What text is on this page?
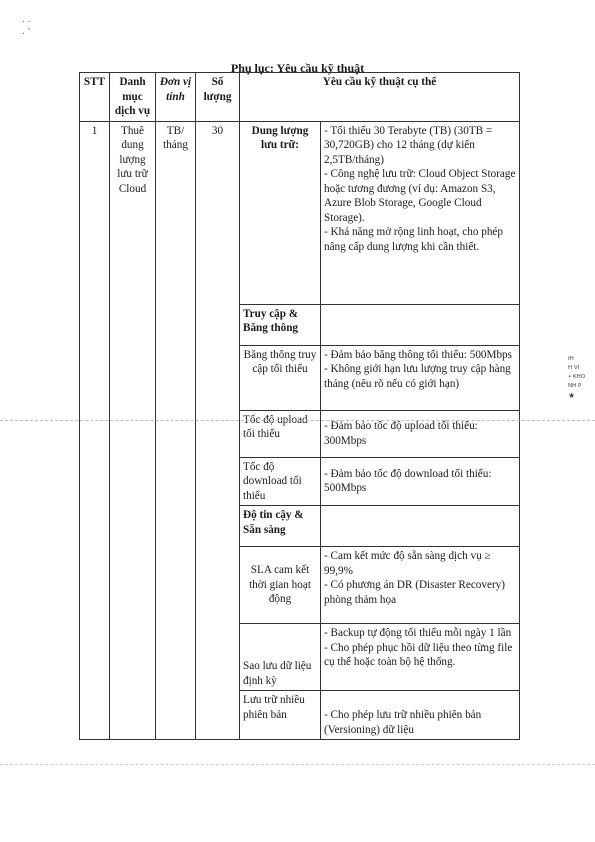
. .
. '
Phụ lục: Yêu cầu kỹ thuật
STT	Danh mục dịch vụ	Đơn vị tính	Số lượng	Yêu cầu kỹ thuật cụ thể	
1	Thuê dung lượng lưu trữ Cloud	TB/ tháng	30	Dung lượng lưu trữ:	- Tối thiểu 30 Terabyte (TB) (30TB = 30,720GB) cho 12 tháng (dự kiến 2,5TB/tháng)
- Công nghệ lưu trữ: Cloud Object Storage hoặc tương đương (ví dụ: Amazon S3, Azure Blob Storage, Google Cloud Storage).
- Khả năng mở rộng linh hoạt, cho phép nâng cấp dung lượng khi cần thiết.

				Truy cập & Băng thông	
				Băng thông truy cập tối thiểu	- Đảm bảo băng thông tối thiểu: 500Mbps
- Không giới hạn lưu lượng truy cập hàng tháng (nêu rõ nếu có giới hạn)

				Tốc độ upload tối thiểu	- Đảm bảo tốc độ upload tối thiểu: 300Mbps

				Tốc độ download tối thiểu	- Đảm bảo tốc độ download tối thiểu: 500Mbps

				Độ tin cậy & Sẵn sàng	
				SLA cam kết thời gian hoạt động	- Cam kết mức độ sẵn sàng dịch vụ ≥ 99,9%
- Có phương án DR (Disaster Recovery) phòng thảm họa

				Sao lưu dữ liệu định kỳ	- Backup tự động tối thiểu mỗi ngày 1 lần
- Cho phép phục hồi dữ liệu theo từng file cụ thể hoặc toàn bộ hệ thống.

				Lưu trữ nhiều phiên bản	- Cho phép lưu trữ nhiều phiên bản (Versioning) dữ liệu
IH
H VI
• KHO
NH P
★
